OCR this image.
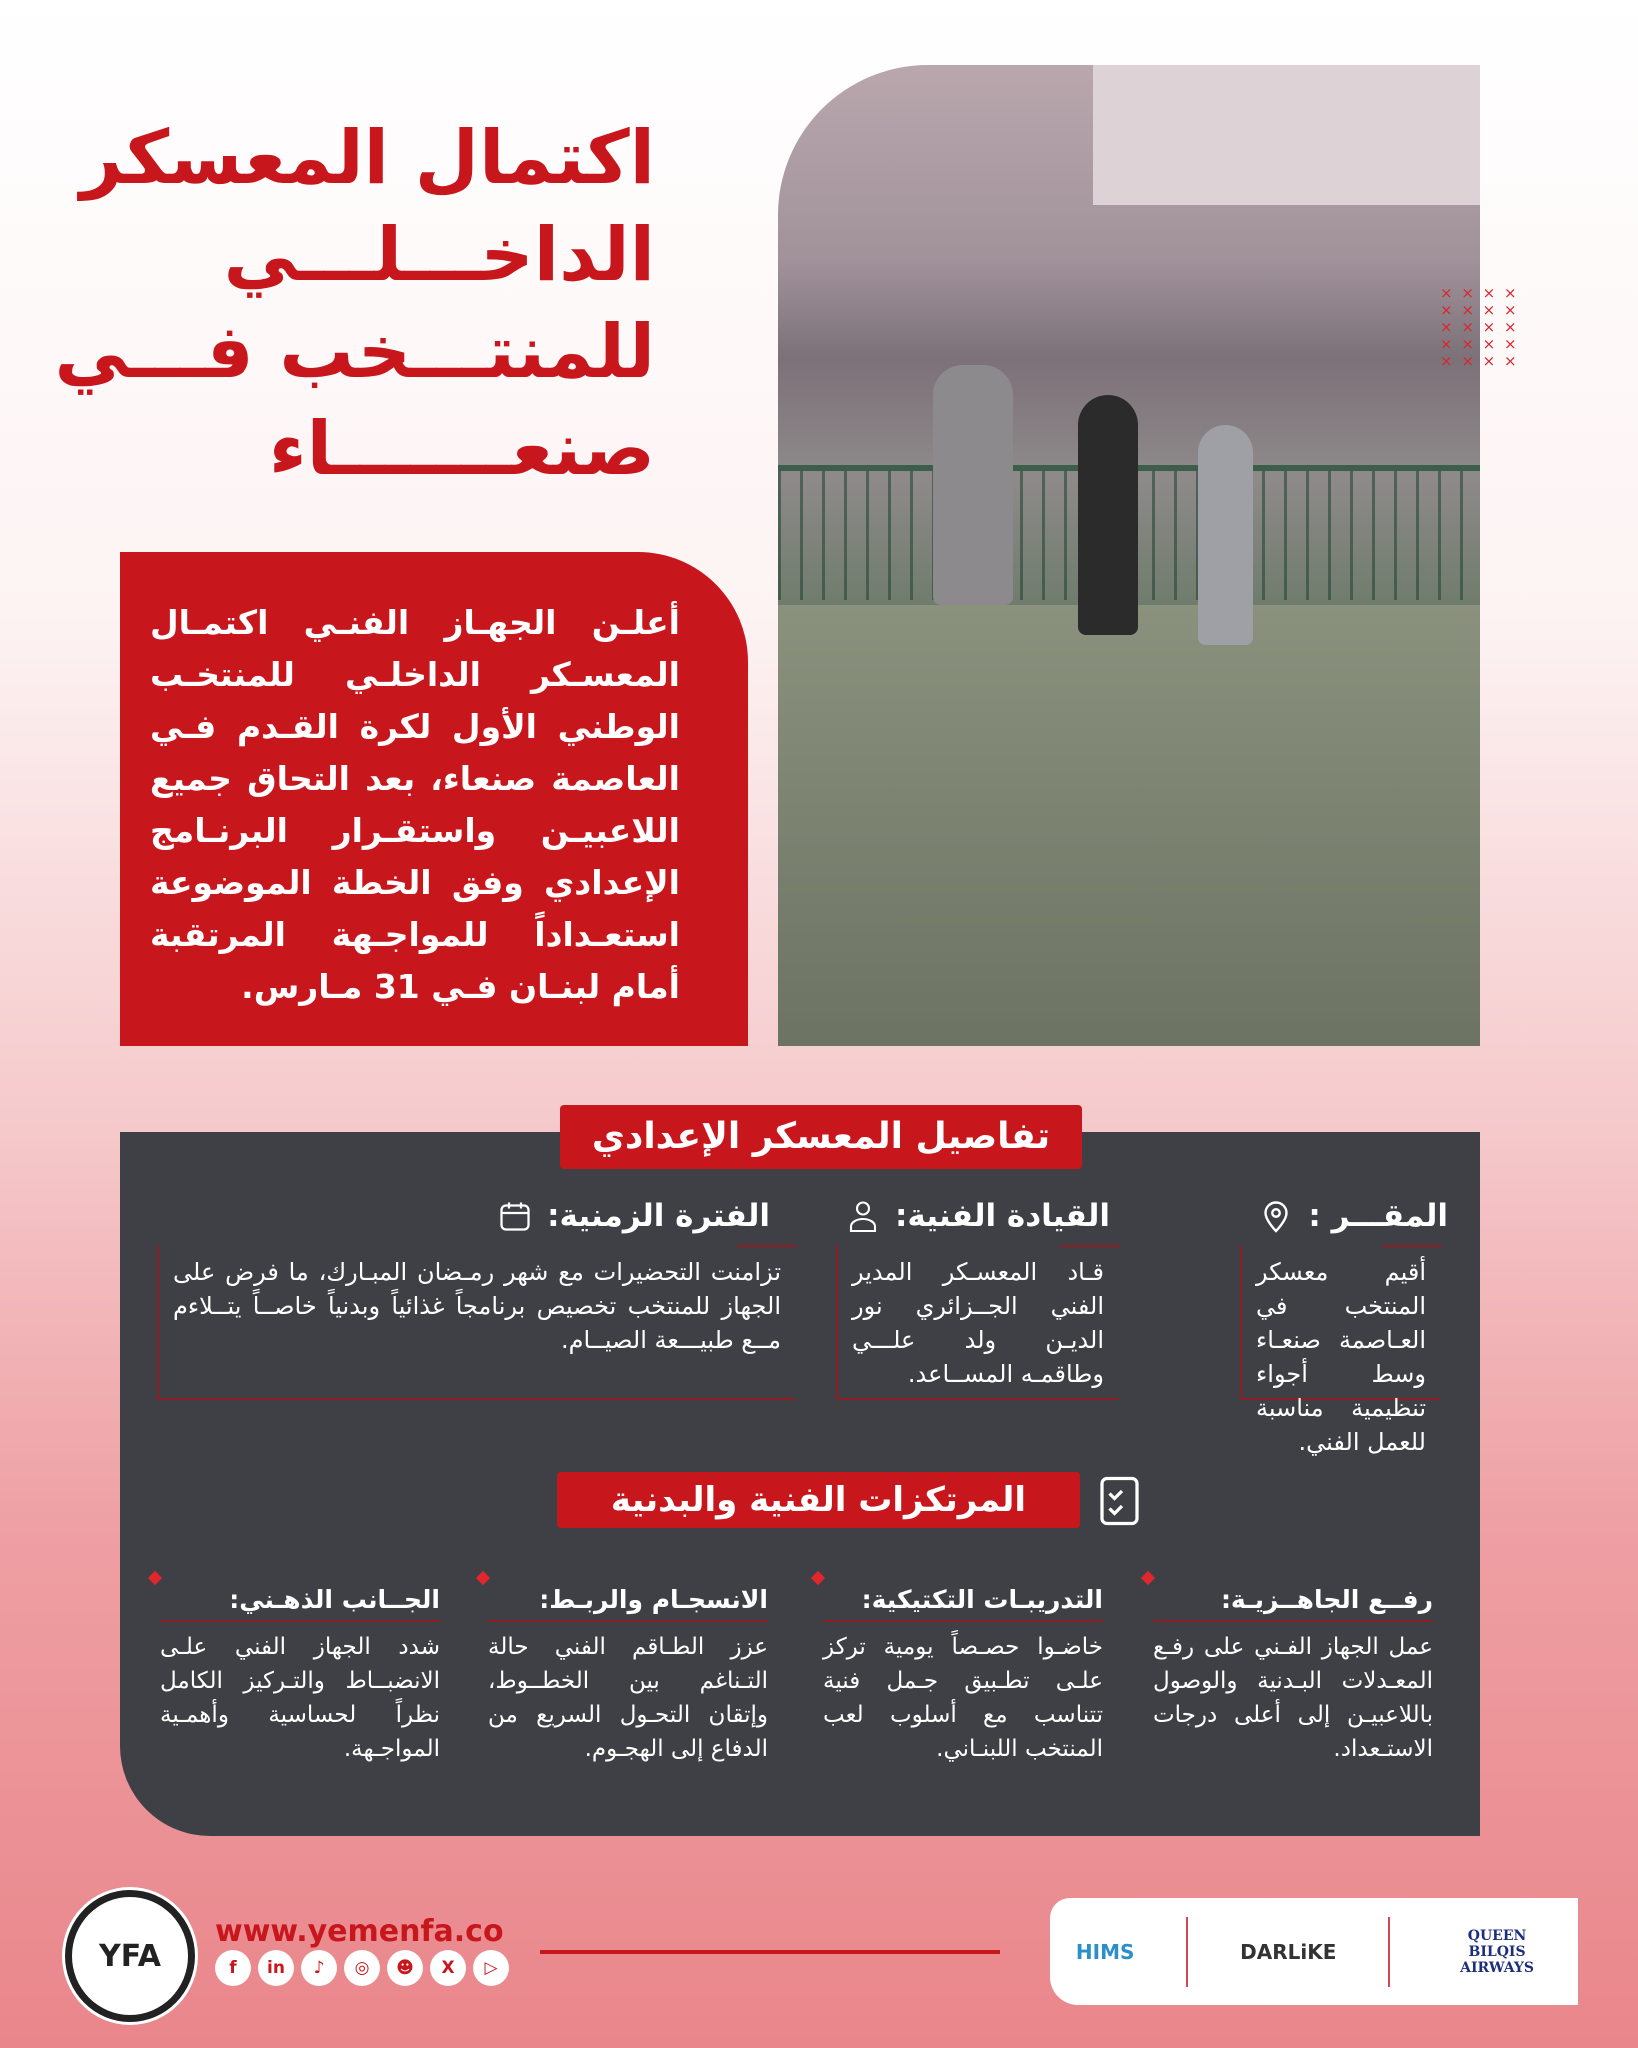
اكتمال المعسكر
الداخـــلـــي
للمنتـــخب فـــي
صنعـــــــاء
أعلـن الجهـاز الفنـي اكتمـال المعسـكر الداخلـي للمنتخـب الوطني الأول لكرة القـدم فـي العاصمة صنعاء، بعد التحاق جميع اللاعبيـن واستقـرار البرنـامج الإعدادي وفق الخطة الموضوعة استعـداداً للمواجـهة المرتقبة أمام لبنـان فـي 31 مـارس.
× × × ×
× × × ×
× × × ×
× × × ×
× × × ×
تفاصيل المعسكر الإعدادي
المقـــر :
أقيم معسكر المنتخب في العـاصمة صنعـاء وسط أجواء تنظيمية مناسبة للعمل الفني.
القيادة الفنية:
قـاد المعسـكر المدير الفني الجــزائري نور الديـن ولد علـــي وطاقمـه المســاعد.
الفترة الزمنية:
تزامنت التحضيرات مع شهر رمـضان المبـارك، ما فرض على الجهاز للمنتخب تخصيص برنامجاً غذائياً وبدنياً خاصــاً يتــلاءم مــع طبيـــعة الصيــام.
المرتكزات الفنية والبدنية
رفــع الجاهــزيـة:
عمل الجهاز الفـني على رفـع المعـدلات البـدنية والوصول باللاعبيـن إلى أعلى درجات الاستـعداد.
التدريبـات التكتيكية:
خاضـوا حصـصاً يومية تركز علـى تطـبيق جـمل فنية تتناسب مع أسلوب لعب المنتخب اللبنـاني.
الانسجـام والربـط:
عزز الطـاقم الفني حالة التـناغم بين الخطــوط، وإتقان التحـول السريع من الدفاع إلى الهجـوم.
الجــانب الذهـني:
شدد الجهاز الفني علـى الانضبــاط والتـركيز الكامل نظراً لحساسية وأهمـية المواجـهة.
YFA
www.yemenfa.co
f	in	♪	◎	☻	X	▷
HIMS	DARLiKE
QUEEN BILQIS AIRWAYS
